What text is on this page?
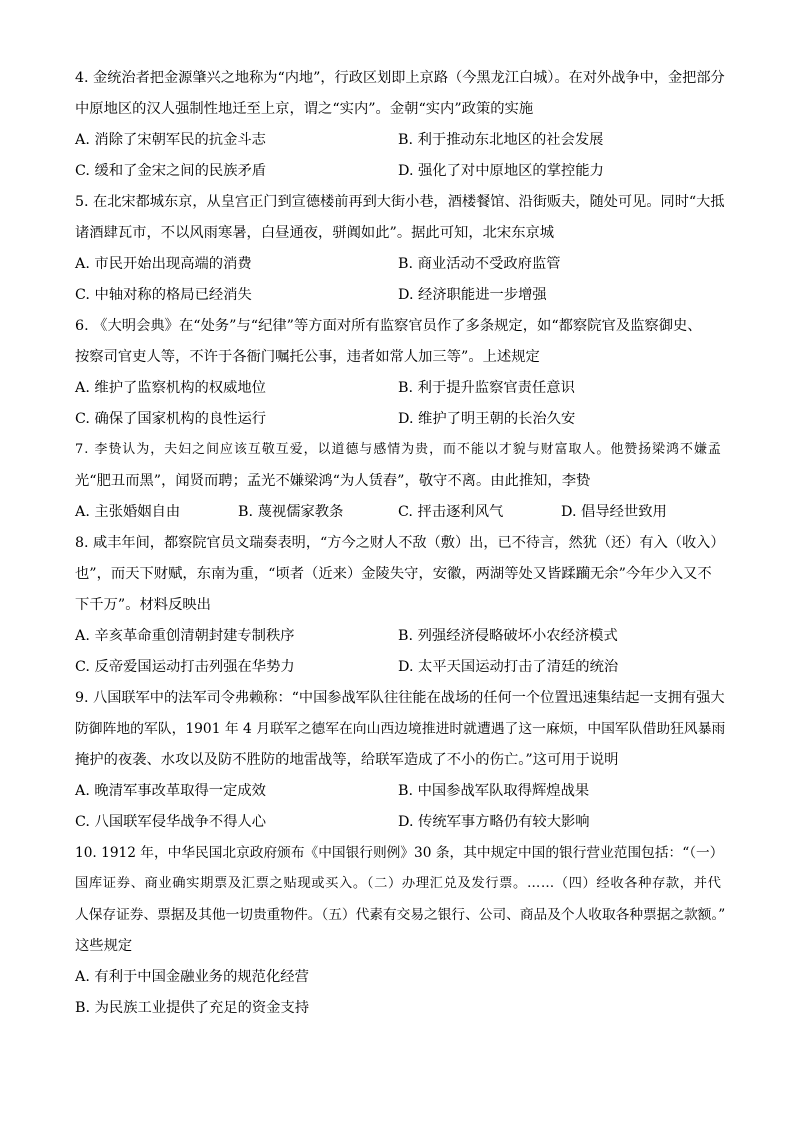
4. 金统治者把金源肇兴之地称为“内地”，行政区划即上京路（今黑龙江白城）。在对外战争中，金把部分
中原地区的汉人强制性地迁至上京，谓之“实内”。金朝“实内”政策的实施
A. 消除了宋朝军民的抗金斗志	B. 利于推动东北地区的社会发展
C. 缓和了金宋之间的民族矛盾	D. 强化了对中原地区的掌控能力
5. 在北宋都城东京，从皇宫正门到宣德楼前再到大街小巷，酒楼餐馆、沿街贩夫，随处可见。同时“大抵
诸酒肆瓦市，不以风雨寒暑，白昼通夜，骈阗如此”。据此可知，北宋东京城
A. 市民开始出现高端的消费	B. 商业活动不受政府监管
C. 中轴对称的格局已经消失	D. 经济职能进一步增强
6. 《大明会典》在“处务”与“纪律”等方面对所有监察官员作了多条规定，如“都察院官及监察御史、
按察司官吏人等，不许于各衙门嘱托公事，违者如常人加三等”。上述规定
A. 维护了监察机构的权威地位	B. 利于提升监察官责任意识
C. 确保了国家机构的良性运行	D. 维护了明王朝的长治久安
7. 李贽认为，夫妇之间应该互敬互爱，以道德与感情为贵，而不能以才貌与财富取人。他赞扬梁鸿不嫌孟
光“肥丑而黑”，闻贤而聘；孟光不嫌梁鸿“为人赁舂”，敬守不离。由此推知，李贽
A. 主张婚姻自由	B. 蔑视儒家教条	C. 抨击逐利风气	D. 倡导经世致用
8. 咸丰年间，都察院官员文瑞奏表明，“方今之财人不敌（敷）出，已不待言，然犹（还）有入（收入）
也”，而天下财赋，东南为重，“顷者（近来）金陵失守，安徽，两湖等处又皆蹂躏无余”今年少入又不
下千万”。材料反映出
A. 辛亥革命重创清朝封建专制秩序	B. 列强经济侵略破坏小农经济模式
C. 反帝爱国运动打击列强在华势力	D. 太平天国运动打击了清廷的统治
9. 八国联军中的法军司令弗赖称：“中国参战军队往往能在战场的任何一个位置迅速集结起一支拥有强大
防御阵地的军队，1901 年 4 月联军之德军在向山西边境推进时就遭遇了这一麻烦，中国军队借助狂风暴雨
掩护的夜袭、水攻以及防不胜防的地雷战等，给联军造成了不小的伤亡。”这可用于说明
A. 晚清军事改革取得一定成效	B. 中国参战军队取得辉煌战果
C. 八国联军侵华战争不得人心	D. 传统军事方略仍有较大影响
10. 1912 年，中华民国北京政府颁布《中国银行则例》30 条，其中规定中国的银行营业范围包括：“（一）
国库证券、商业确实期票及汇票之贴现或买入。（二）办理汇兑及发行票。……（四）经收各种存款，并代
人保存证券、票据及其他一切贵重物件。（五）代素有交易之银行、公司、商品及个人收取各种票据之款额。”
这些规定
A. 有利于中国金融业务的规范化经营
B. 为民族工业提供了充足的资金支持
